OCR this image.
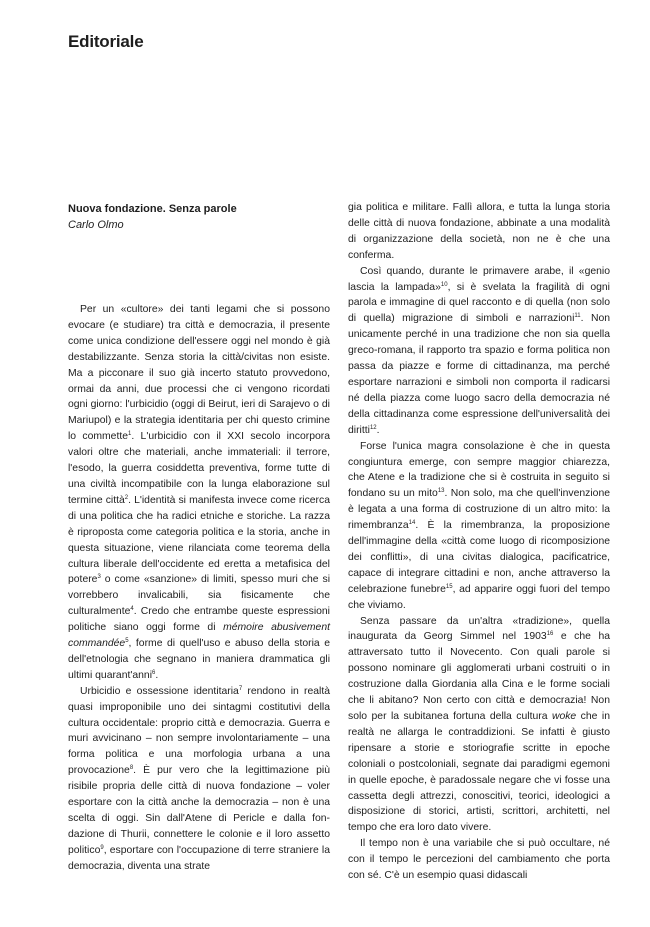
Editoriale
Nuova fondazione. Senza parole
Carlo Olmo

Per un «cultore» dei tanti legami che si possono evocare (e studiare) tra città e democrazia, il presente come unica condizione dell'essere oggi nel mondo è già destabilizzante. Senza storia la città/civitas non esiste. Ma a picconare il suo già incerto statuto provvedono, ormai da anni, due processi che ci vengono ricordati ogni giorno: l'urbicidio (oggi di Beirut, ieri di Sarajevo o di Mariupol) e la strategia identitaria per chi questo crimine lo commette$^1$. L'urbicidio con il XXI secolo incorpora valori oltre che materiali, anche immateriali: il terrore, l'esodo, la guerra cosiddetta preventiva, forme tutte di una civiltà incompatibile con la lunga elaborazione sul termine città$^2$. L'identità si manifesta invece come ricerca di una politica che ha radici etniche e storiche. La razza è riproposta come categoria politica e la storia, anche in questa situazione, viene rilanciata come teorema della cultura liberale dell'occidente ed eretta a metafisica del potere$^3$ o come «sanzione» di limiti, spesso muri che si vorrebbero invalicabili, sia fisicamente che culturalmente$^4$. Credo che entrambe queste espressioni politiche siano oggi forme di mémoire abusivement commandée$^5$, forme di quell'uso e abuso della storia e dell'etnologia che segnano in maniera drammatica gli ultimi quarant'anni$^6$.

Urbicidio e ossessione identitaria$^7$ rendono in realtà quasi improponibile uno dei sintagmi costitutivi della cultura occidentale: proprio città e democrazia. Guerra e muri avvicinano – non sempre involontariamente – una forma politica e una morfologia urbana a una provocazione$^8$. È pur vero che la legittimazione più risibile propria delle città di nuova fondazione – voler esportare con la città anche la democrazia – non è una scelta di oggi. Sin dall'Atene di Pericle e dalla fondazione di Thurii, connettere le colonie e il loro assetto politico$^9$, esportare con l'occupazione di terre straniere la democrazia, diventa una strate

gia politica e militare. Fallì allora, e tutta la lunga storia delle città di nuova fondazione, abbinate a una modalità di organizzazione della società, non ne è che una conferma.

Così quando, durante le primavere arabe, il «genio lascia la lampada»$^{10}$, si è svelata la fragilità di ogni parola e immagine di quel racconto e di quella (non solo di quella) migrazione di simboli e narrazioni$^{11}$. Non unicamente perché in una tradizione che non sia quella greco-romana, il rapporto tra spazio e forma politica non passa da piazze e forme di cittadinanza, ma perché esportare narrazioni e simboli non comporta il radicarsi né della piazza come luogo sacro della democrazia né della cittadinanza come espressione dell'universalità dei diritti$^{12}$.

Forse l'unica magra consolazione è che in questa congiuntura emerge, con sempre maggior chiarezza, che Atene e la tradizione che si è costruita in seguito si fondano su un mito$^{13}$. Non solo, ma che quell'invenzione è legata a una forma di costruzione di un altro mito: la rimembranza$^{14}$. È la rimembranza, la proposizione dell'immagine della «città come luogo di ricomposizione dei conflitti», di una civitas dialogica, pacificatrice, capace di integrare cittadini e non, anche attraverso la celebrazione funebre$^{15}$, ad apparire oggi fuori del tempo che viviamo.

Senza passare da un'altra «tradizione», quella inaugurata da Georg Simmel nel 1903$^{16}$ e che ha attraversato tutto il Novecento. Con quali parole si possono nominare gli agglomerati urbani costruiti o in costruzione dalla Giordania alla Cina e le forme sociali che li abitano? Non certo con città e democrazia! Non solo per la subitanea fortuna della cultura woke che in realtà ne allarga le contraddizioni. Se infatti è giusto ripensare a storie e storiografie scritte in epoche coloniali o postcoloniali, segnate dai paradigmi egemoni in quelle epoche, è paradossale negare che vi fosse una cassetta degli attrezzi, conoscitivi, teorici, ideologici a disposizione di storici, artisti, scrittori, architetti, nel tempo che era loro dato vivere.

Il tempo non è una variabile che si può occultare, né con il tempo le percezioni del cambiamento che porta con sé. C'è un esempio quasi didascali
